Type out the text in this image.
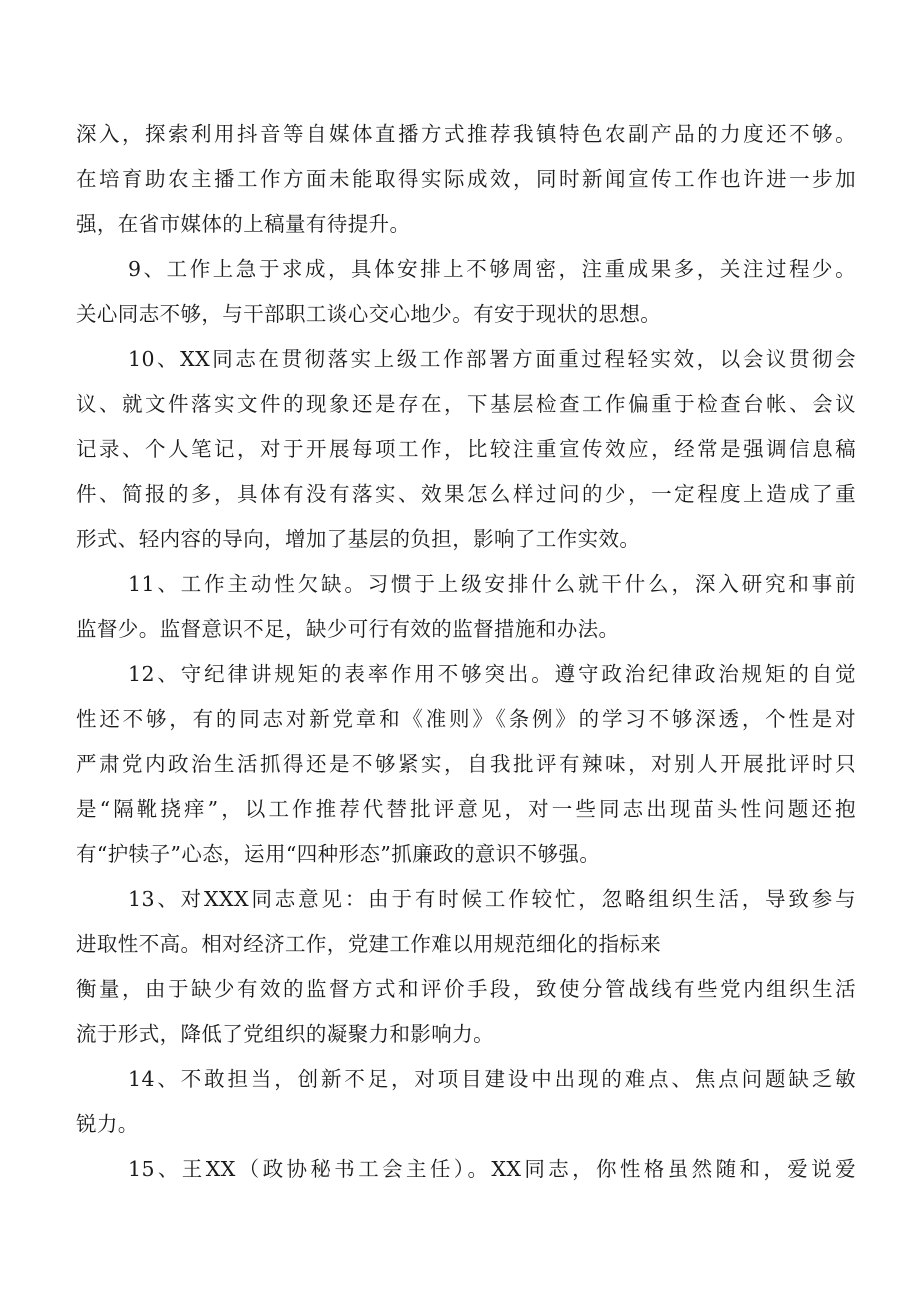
深入，探索利用抖音等自媒体直播方式推荐我镇特色农副产品的力度还不够。
在培育助农主播工作方面未能取得实际成效，同时新闻宣传工作也许进一步加
强，在省市媒体的上稿量有待提升。
9、工作上急于求成，具体安排上不够周密，注重成果多，关注过程少。
关心同志不够，与干部职工谈心交心地少。有安于现状的思想。
10、XX同志在贯彻落实上级工作部署方面重过程轻实效，以会议贯彻会
议、就文件落实文件的现象还是存在，下基层检查工作偏重于检查台帐、会议
记录、个人笔记，对于开展每项工作，比较注重宣传效应，经常是强调信息稿
件、简报的多，具体有没有落实、效果怎么样过问的少，一定程度上造成了重
形式、轻内容的导向，增加了基层的负担，影响了工作实效。
11、工作主动性欠缺。习惯于上级安排什么就干什么，深入研究和事前
监督少。监督意识不足，缺少可行有效的监督措施和办法。
12、守纪律讲规矩的表率作用不够突出。遵守政治纪律政治规矩的自觉
性还不够，有的同志对新党章和《准则》《条例》的学习不够深透，个性是对
严肃党内政治生活抓得还是不够紧实，自我批评有辣味，对别人开展批评时只
是“隔靴挠痒”，以工作推荐代替批评意见，对一些同志出现苗头性问题还抱
有“护犊子”心态，运用“四种形态”抓廉政的意识不够强。
13、对XXX同志意见：由于有时候工作较忙，忽略组织生活，导致参与
进取性不高。相对经济工作，党建工作难以用规范细化的指标来
衡量，由于缺少有效的监督方式和评价手段，致使分管战线有些党内组织生活
流于形式，降低了党组织的凝聚力和影响力。
14、不敢担当，创新不足，对项目建设中出现的难点、焦点问题缺乏敏
锐力。
15、王XX（政协秘书工会主任）。XX同志，你性格虽然随和，爱说爱
